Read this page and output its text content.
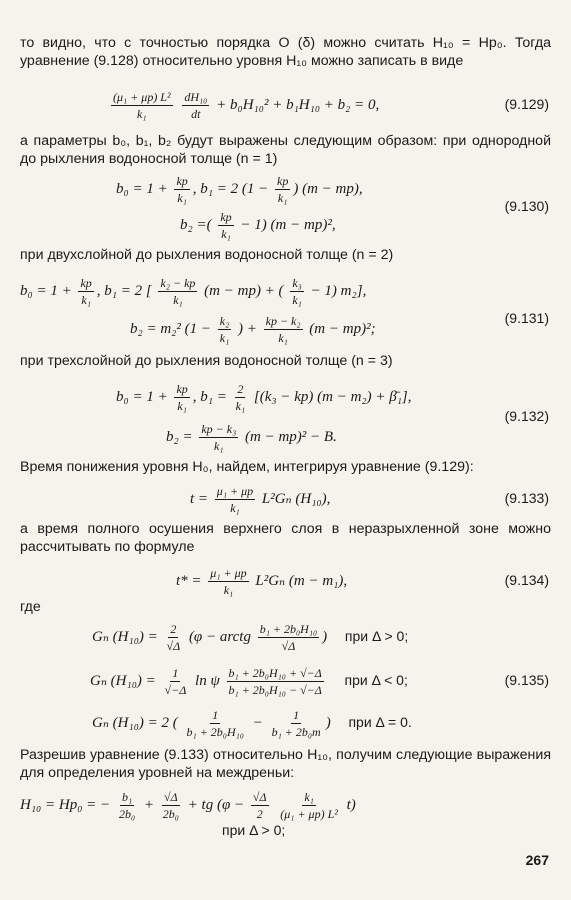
то видно, что с точностью порядка O (δ) можно считать H₁₀ = Hр₀. Тогда уравнение (9.128) относительно уровня H₁₀ можно записать в виде

$\frac{\text{(μ₁ + μр) L²}}{\text{k₁}}$
$\frac{\text{dH₁₀}}{dt} + b_0H_{10}^2 + b_1H_{10} + b_2 = 0$,	(9.129)

а параметры b₀, b₁, b₂ будут выражены следующим образом: при однородной до рыхления водоносной толще (n = 1)

$b_0 = 1 + \frac{kр}{\text{k₁}}$ , b₁ = 2 ($1 - \frac{kр}{\text{k₁}}$ ) (m − mр),
b₂ =( $\frac{kр}{\text{k₁}} - 1$) (m − mр)²,
(9.130)

при двухслойной до рыхления водоносной толще (n = 2)

$b_0 = 1 + \frac{kр}{\text{k₁}}$ , b₁ = 2 [ $\frac{\text{k₂ − kр}}{\text{k₁}} (m - mр)$ + ( $\frac{\text{k₃}}{\text{k₁}} - 1$) m₂],
b₂ = m₂² ($1 - \frac{\text{k₂}}{\text{k₁}}$ ) + $\frac{\text{kр − k₂}}{\text{k₁}} (m - mр)^2$;
(9.131)

при трехслойной до рыхления водоносной толще (n = 3)

$b_0 = 1 + \frac{kр}{\text{k₁}}$ , $b_1 = \frac{2}{\text{k₁}} [(k_3 - kр) (m - m_2)$ + β̄₁],
$b_2 = \frac{\text{kр − k₃}}{\text{k₁}} (m - mр)^2 - B$.
(9.132)

Время понижения уровня H₀, найдем, интегрируя уравнение (9.129):

$t = \frac{\text{μ₁ + μр}}{\text{k₁}} L^2G_n$ (H₁₀),	(9.133)

а время полного осушения верхнего слоя в неразрыхленной зоне можно рассчитывать по формуле

$t* = \frac{\text{μ₁ + μр}}{\text{k₁}} L^2G_n$ (m − m₁),	(9.134)

где

Gₙ $(H_{10}) = \frac{2}{√\Delta} (\varphi$ − arctg $\frac{\text{b₁ + 2b₀H₁₀}}{√\Delta}$ ) при Δ > 0;
Gₙ $(H_{10}) = \frac{1}{√-\Delta}$ ln ψ $\frac{\text{b₁ + 2b₀H₁₀ + √−Δ}}{\text{b₁ + 2b₀H₁₀ − √−Δ}}$ при Δ < 0;	(9.135)
Gₙ (H₁₀) = 2 ( $\frac{1}{\text{b₁ + 2b₀H₁₀}} - \frac{1}{\text{b₁ + 2b₀m}}$ ) при Δ = 0.

Разрешив уравнение (9.133) относительно H₁₀, получим следующие выражения для определения уровней на междреньи:

H₁₀ = Hр₀ = − $\frac{\text{b₁}}{\text{2b₀}} + \frac{√\Delta}{\text{2b₀}}$ + tg ($\varphi - \frac{√\Delta}{2}$
$\frac{\text{k₁}}{\text{(μ₁ + μр) L²}} t$)
при Δ > 0;
267
